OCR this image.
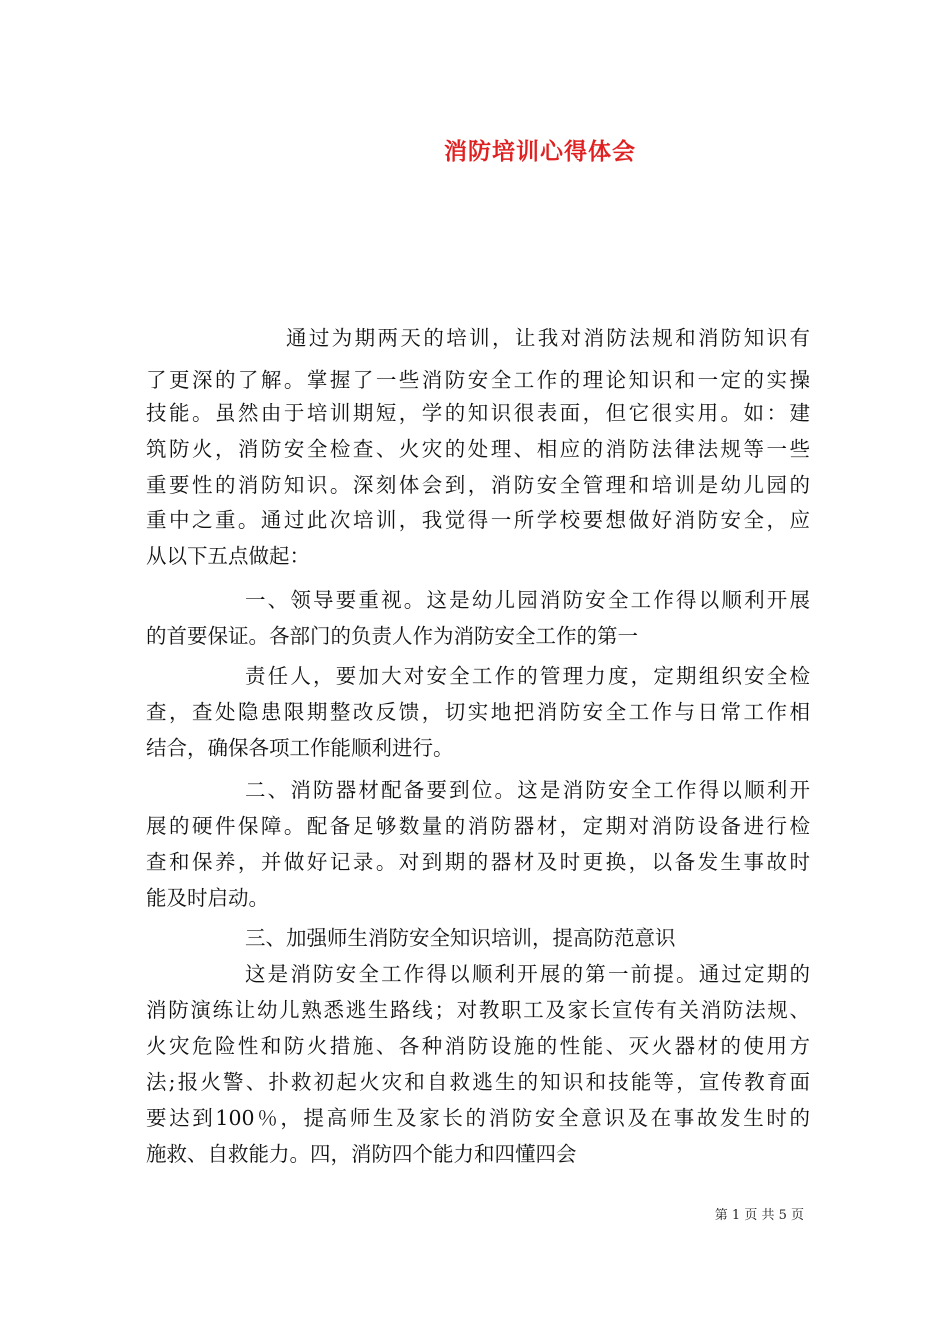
消防培训心得体会
通过为期两天的培训，让我对消防法规和消防知识有
了更深的了解。掌握了一些消防安全工作的理论知识和一定的实操
技能。虽然由于培训期短，学的知识很表面，但它很实用。如：建
筑防火，消防安全检查、火灾的处理、相应的消防法律法规等一些
重要性的消防知识。深刻体会到，消防安全管理和培训是幼儿园的
重中之重。通过此次培训，我觉得一所学校要想做好消防安全，应
从以下五点做起：
一、领导要重视。这是幼儿园消防安全工作得以顺利开展
的首要保证。各部门的负责人作为消防安全工作的第一
责任人，要加大对安全工作的管理力度，定期组织安全检
查，查处隐患限期整改反馈，切实地把消防安全工作与日常工作相
结合，确保各项工作能顺利进行。
二、消防器材配备要到位。这是消防安全工作得以顺利开
展的硬件保障。配备足够数量的消防器材，定期对消防设备进行检
查和保养，并做好记录。对到期的器材及时更换，以备发生事故时
能及时启动。
三、加强师生消防安全知识培训，提高防范意识
这是消防安全工作得以顺利开展的第一前提。通过定期的
消防演练让幼儿熟悉逃生路线；对教职工及家长宣传有关消防法规、
火灾危险性和防火措施、各种消防设施的性能、灭火器材的使用方
法;报火警、扑救初起火灾和自救逃生的知识和技能等，宣传教育面
要达到100％，提高师生及家长的消防安全意识及在事故发生时的
施救、自救能力。四，消防四个能力和四懂四会
第 1 页 共 5 页
